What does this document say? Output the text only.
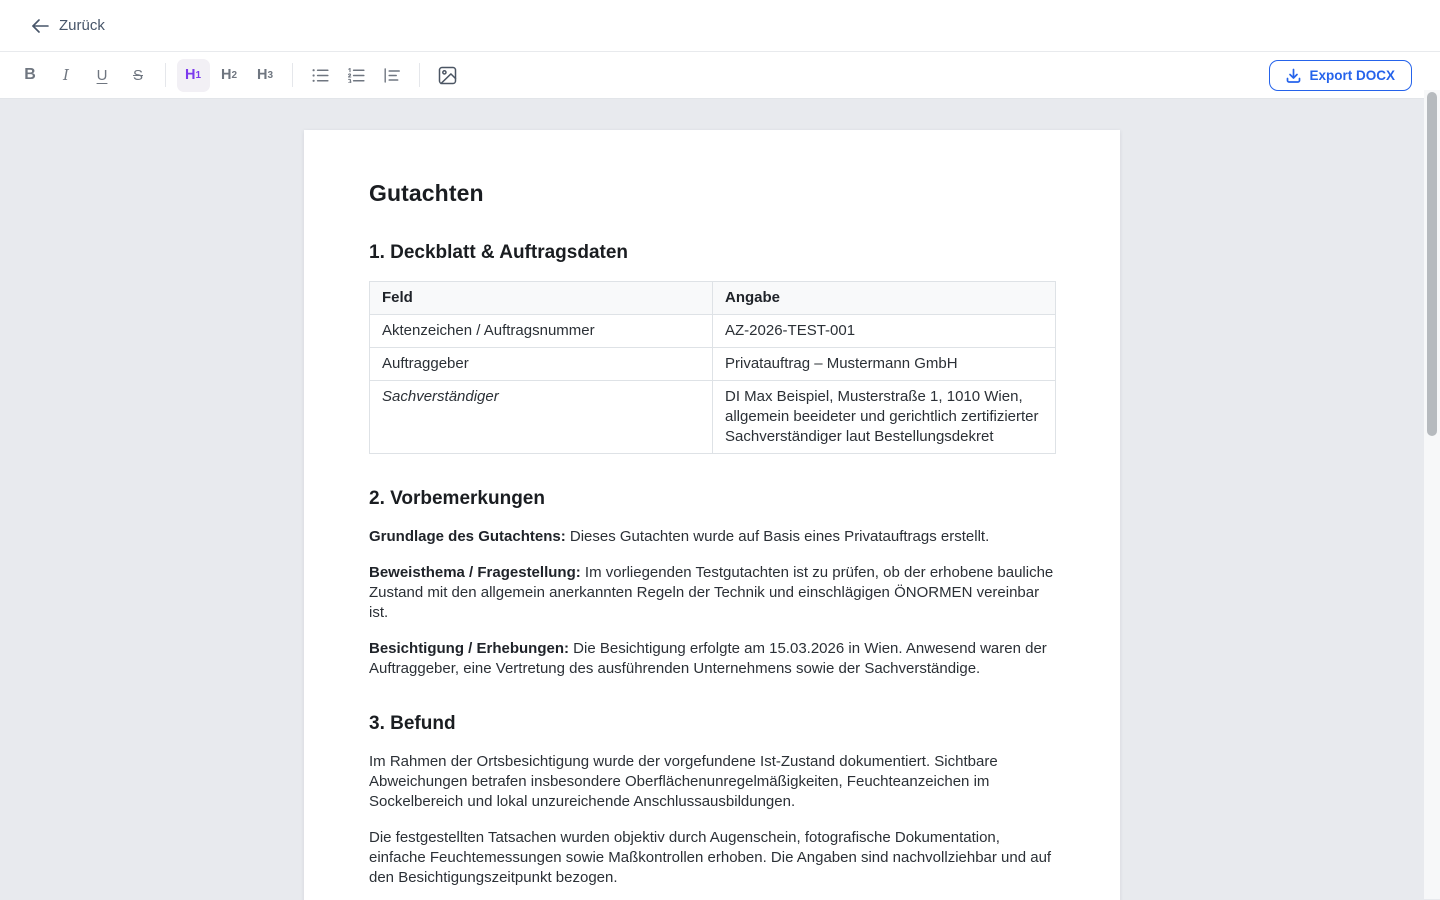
Zurück
B	I	U	S	H 1 H 2 H 3	Export DOCX
Gutachten
1. Deckblatt & Auftragsdaten
Feld	Angabe
Aktenzeichen / Auftragsnummer	AZ-2026-TEST-001
Auftraggeber	Privatauftrag – Mustermann GmbH
Sachverständiger	DI Max Beispiel, Musterstraße 1, 1010 Wien, allgemein beeideter und gerichtlich zertifizierter Sachverständiger laut Bestellungsdekret
2. Vorbemerkungen

Grundlage des Gutachtens: Dieses Gutachten wurde auf Basis eines Privatauftrags erstellt.

Beweisthema / Fragestellung: Im vorliegenden Testgutachten ist zu prüfen, ob der erhobene bauliche Zustand mit den allgemein anerkannten Regeln der Technik und einschlägigen ÖNORMEN vereinbar ist.

Besichtigung / Erhebungen: Die Besichtigung erfolgte am 15.03.2026 in Wien. Anwesend waren der Auftraggeber, eine Vertretung des ausführenden Unternehmens sowie der Sachverständige.

3. Befund

Im Rahmen der Ortsbesichtigung wurde der vorgefundene Ist-Zustand dokumentiert. Sichtbare Abweichungen betrafen insbesondere Oberflächenunregelmäßigkeiten, Feuchteanzeichen im Sockelbereich und lokal unzureichende Anschlussausbildungen.

Die festgestellten Tatsachen wurden objektiv durch Augenschein, fotografische Dokumentation, einfache Feuchtemessungen sowie Maßkontrollen erhoben. Die Angaben sind nachvollziehbar und auf den Besichtigungszeitpunkt bezogen.
